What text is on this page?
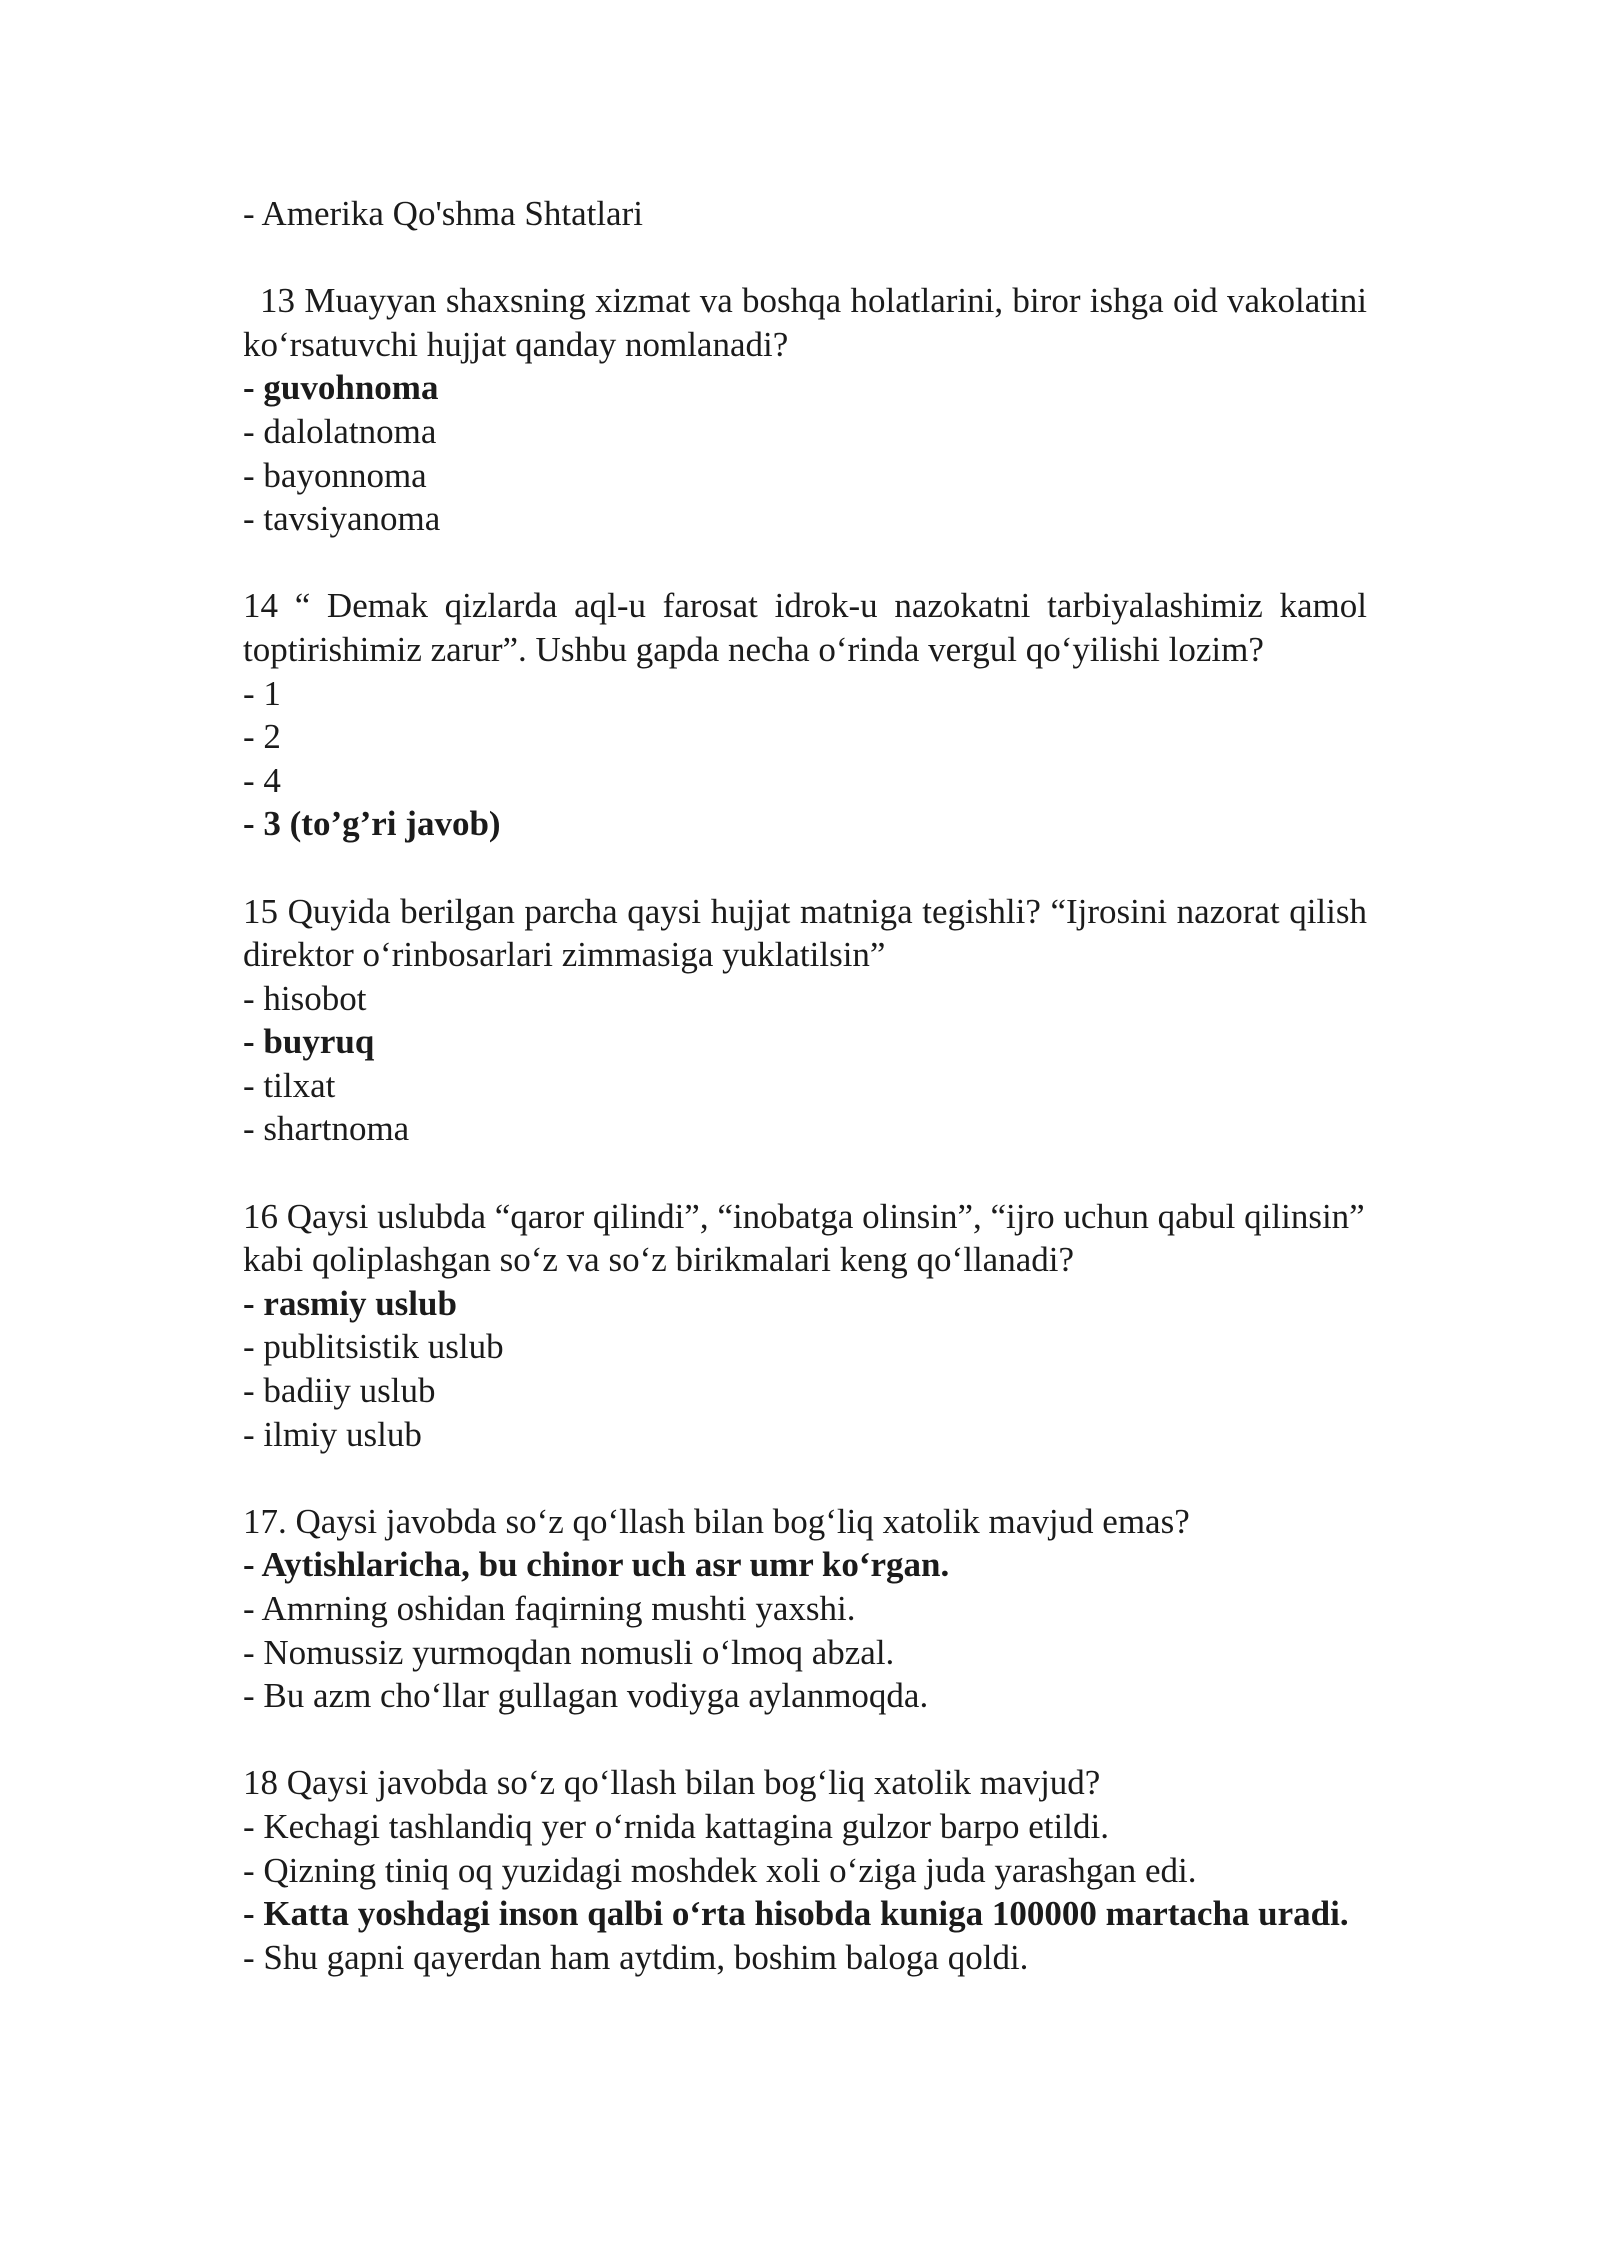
- Amerika Qo'shma Shtatlari
13 Muayyan shaxsning xizmat va boshqa holatlarini, biror ishga oid vakolatini ko‘rsatuvchi hujjat qanday nomlanadi?
- guvohnoma
- dalolatnoma
- bayonnoma
- tavsiyanoma
14 “ Demak qizlarda aql-u farosat idrok-u nazokatni tarbiyalashimiz kamol toptirishimiz zarur”. Ushbu gapda necha o‘rinda vergul qo‘yilishi lozim?
- 1
- 2
- 4
- 3 (to’g’ri javob)
15 Quyida berilgan parcha qaysi hujjat matniga tegishli? “Ijrosini nazorat qilish direktor o‘rinbosarlari zimmasiga yuklatilsin”
- hisobot
- buyruq
- tilxat
- shartnoma
16 Qaysi uslubda “qaror qilindi”, “inobatga olinsin”, “ijro uchun qabul qilinsin” kabi qoliplashgan so‘z va so‘z birikmalari keng qo‘llanadi?
- rasmiy uslub
- publitsistik uslub
- badiiy uslub
- ilmiy uslub
17. Qaysi javobda so‘z qo‘llash bilan bog‘liq xatolik mavjud emas?
- Aytishlaricha, bu chinor uch asr umr ko‘rgan.
- Amrning oshidan faqirning mushti yaxshi.
- Nomussiz yurmoqdan nomusli o‘lmoq abzal.
- Bu azm cho‘llar gullagan vodiyga aylanmoqda.
18 Qaysi javobda so‘z qo‘llash bilan bog‘liq xatolik mavjud?
- Kechagi tashlandiq yer o‘rnida kattagina gulzor barpo etildi.
- Qizning tiniq oq yuzidagi moshdek xoli o‘ziga juda yarashgan edi.
- Katta yoshdagi inson qalbi o‘rta hisobda kuniga 100000 martacha uradi.
- Shu gapni qayerdan ham aytdim, boshim baloga qoldi.
